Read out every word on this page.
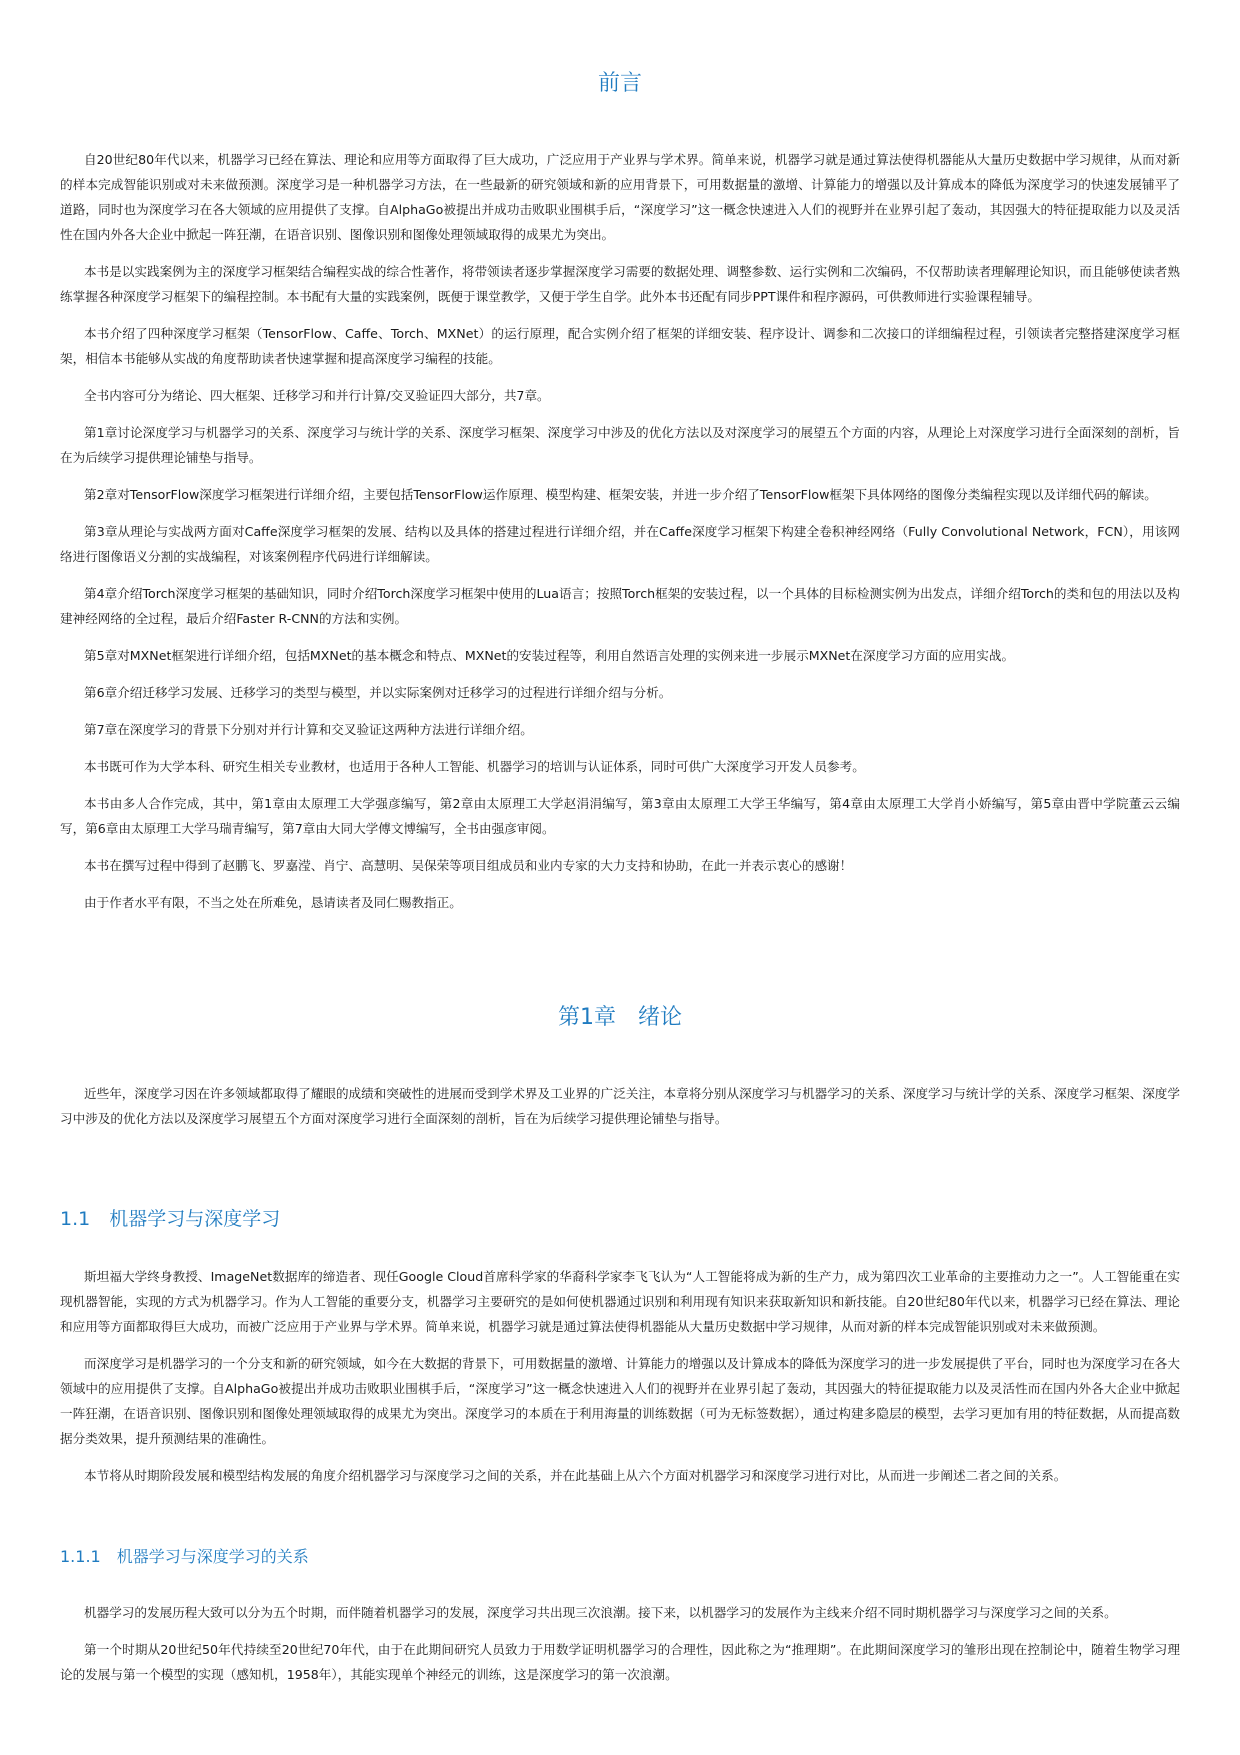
前言

自20世纪80年代以来，机器学习已经在算法、理论和应用等方面取得了巨大成功，广泛应用于产业界与学术界。简单来说，机器学习就是通过算法使得机器能从大量历史数据中学习规律，从而对新的样本完成智能识别或对未来做预测。深度学习是一种机器学习方法，在一些最新的研究领域和新的应用背景下，可用数据量的激增、计算能力的增强以及计算成本的降低为深度学习的快速发展铺平了道路，同时也为深度学习在各大领域的应用提供了支撑。自AlphaGo被提出并成功击败职业围棋手后，“深度学习”这一概念快速进入人们的视野并在业界引起了轰动，其因强大的特征提取能力以及灵活性在国内外各大企业中掀起一阵狂潮，在语音识别、图像识别和图像处理领域取得的成果尤为突出。

本书是以实践案例为主的深度学习框架结合编程实战的综合性著作，将带领读者逐步掌握深度学习需要的数据处理、调整参数、运行实例和二次编码，不仅帮助读者理解理论知识，而且能够使读者熟练掌握各种深度学习框架下的编程控制。本书配有大量的实践案例，既便于课堂教学，又便于学生自学。此外本书还配有同步PPT课件和程序源码，可供教师进行实验课程辅导。

本书介绍了四种深度学习框架（TensorFlow、Caffe、Torch、MXNet）的运行原理，配合实例介绍了框架的详细安装、程序设计、调参和二次接口的详细编程过程，引领读者完整搭建深度学习框架，相信本书能够从实战的角度帮助读者快速掌握和提高深度学习编程的技能。

全书内容可分为绪论、四大框架、迁移学习和并行计算/交叉验证四大部分，共7章。

第1章讨论深度学习与机器学习的关系、深度学习与统计学的关系、深度学习框架、深度学习中涉及的优化方法以及对深度学习的展望五个方面的内容，从理论上对深度学习进行全面深刻的剖析，旨在为后续学习提供理论铺垫与指导。

第2章对TensorFlow深度学习框架进行详细介绍，主要包括TensorFlow运作原理、模型构建、框架安装，并进一步介绍了TensorFlow框架下具体网络的图像分类编程实现以及详细代码的解读。

第3章从理论与实战两方面对Caffe深度学习框架的发展、结构以及具体的搭建过程进行详细介绍，并在Caffe深度学习框架下构建全卷积神经网络（Fully Convolutional Network，FCN），用该网络进行图像语义分割的实战编程，对该案例程序代码进行详细解读。

第4章介绍Torch深度学习框架的基础知识，同时介绍Torch深度学习框架中使用的Lua语言；按照Torch框架的安装过程，以一个具体的目标检测实例为出发点，详细介绍Torch的类和包的用法以及构建神经网络的全过程，最后介绍Faster R-CNN的方法和实例。

第5章对MXNet框架进行详细介绍，包括MXNet的基本概念和特点、MXNet的安装过程等，利用自然语言处理的实例来进一步展示MXNet在深度学习方面的应用实战。

第6章介绍迁移学习发展、迁移学习的类型与模型，并以实际案例对迁移学习的过程进行详细介绍与分析。

第7章在深度学习的背景下分别对并行计算和交叉验证这两种方法进行详细介绍。

本书既可作为大学本科、研究生相关专业教材，也适用于各种人工智能、机器学习的培训与认证体系，同时可供广大深度学习开发人员参考。

本书由多人合作完成，其中，第1章由太原理工大学强彦编写，第2章由太原理工大学赵涓涓编写，第3章由太原理工大学王华编写，第4章由太原理工大学肖小娇编写，第5章由晋中学院董云云编写，第6章由太原理工大学马瑞青编写，第7章由大同大学傅文博编写，全书由强彦审阅。

本书在撰写过程中得到了赵鹏飞、罗嘉滢、肖宁、高慧明、吴保荣等项目组成员和业内专家的大力支持和协助，在此一并表示衷心的感谢！

由于作者水平有限，不当之处在所难免，恳请读者及同仁赐教指正。

第1章　绪论

近些年，深度学习因在许多领域都取得了耀眼的成绩和突破性的进展而受到学术界及工业界的广泛关注，本章将分别从深度学习与机器学习的关系、深度学习与统计学的关系、深度学习框架、深度学习中涉及的优化方法以及深度学习展望五个方面对深度学习进行全面深刻的剖析，旨在为后续学习提供理论铺垫与指导。

1.1　机器学习与深度学习

斯坦福大学终身教授、ImageNet数据库的缔造者、现任Google Cloud首席科学家的华裔科学家李飞飞认为“人工智能将成为新的生产力，成为第四次工业革命的主要推动力之一”。人工智能重在实现机器智能，实现的方式为机器学习。作为人工智能的重要分支，机器学习主要研究的是如何使机器通过识别和利用现有知识来获取新知识和新技能。自20世纪80年代以来，机器学习已经在算法、理论和应用等方面都取得巨大成功，而被广泛应用于产业界与学术界。简单来说，机器学习就是通过算法使得机器能从大量历史数据中学习规律，从而对新的样本完成智能识别或对未来做预测。

而深度学习是机器学习的一个分支和新的研究领域，如今在大数据的背景下，可用数据量的激增、计算能力的增强以及计算成本的降低为深度学习的进一步发展提供了平台，同时也为深度学习在各大领域中的应用提供了支撑。自AlphaGo被提出并成功击败职业围棋手后，“深度学习”这一概念快速进入人们的视野并在业界引起了轰动，其因强大的特征提取能力以及灵活性而在国内外各大企业中掀起一阵狂潮，在语音识别、图像识别和图像处理领域取得的成果尤为突出。深度学习的本质在于利用海量的训练数据（可为无标签数据），通过构建多隐层的模型，去学习更加有用的特征数据，从而提高数据分类效果，提升预测结果的准确性。

本节将从时期阶段发展和模型结构发展的角度介绍机器学习与深度学习之间的关系，并在此基础上从六个方面对机器学习和深度学习进行对比，从而进一步阐述二者之间的关系。

1.1.1　机器学习与深度学习的关系

机器学习的发展历程大致可以分为五个时期，而伴随着机器学习的发展，深度学习共出现三次浪潮。接下来，以机器学习的发展作为主线来介绍不同时期机器学习与深度学习之间的关系。

第一个时期从20世纪50年代持续至20世纪70年代，由于在此期间研究人员致力于用数学证明机器学习的合理性，因此称之为“推理期”。在此期间深度学习的雏形出现在控制论中，随着生物学习理论的发展与第一个模型的实现（感知机，1958年），其能实现单个神经元的训练，这是深度学习的第一次浪潮。
